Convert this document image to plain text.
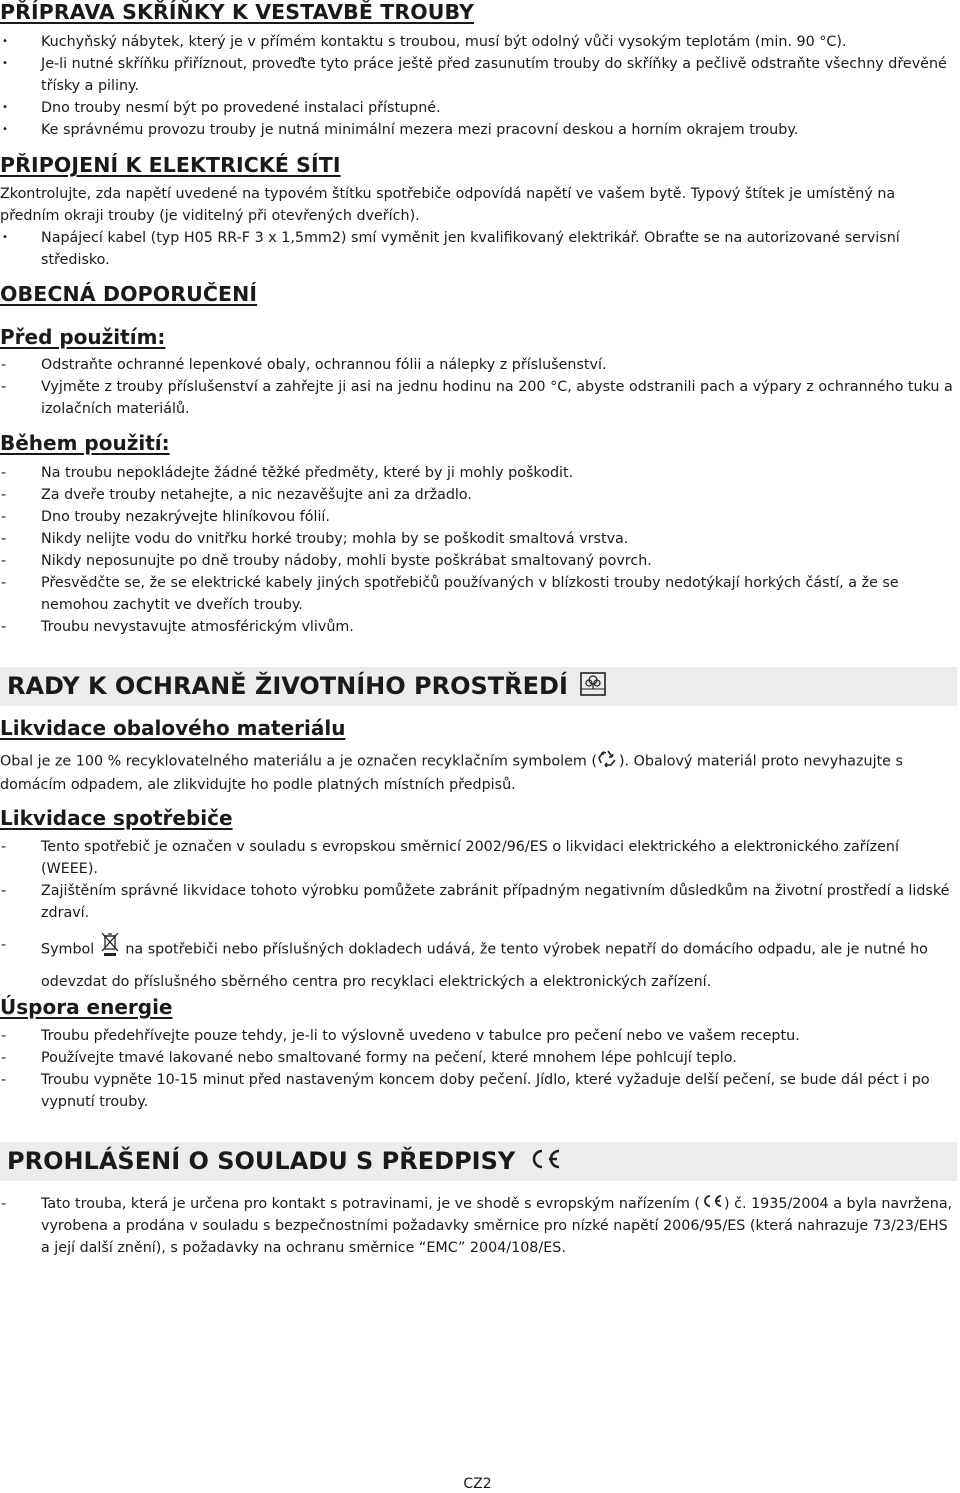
PŘÍPRAVA SKŘÍŇKY K VESTAVBĚ TROUBY
•	Kuchyňský nábytek, který je v přímém kontaktu s troubou, musí být odolný vůči vysokým teplotám (min. 90 °C).
•	Je-li nutné skříňku přiříznout, proveďte tyto práce ještě před zasunutím trouby do skříňky a pečlivě odstraňte všechny dřevěné třísky a piliny.
•	Dno trouby nesmí být po provedené instalaci přístupné.
•	Ke správnému provozu trouby je nutná minimální mezera mezi pracovní deskou a horním okrajem trouby.
PŘIPOJENÍ K ELEKTRICKÉ SÍTI
Zkontrolujte, zda napětí uvedené na typovém štítku spotřebiče odpovídá napětí ve vašem bytě. Typový štítek je umístěný na předním okraji trouby (je viditelný při otevřených dveřích).
•	Napájecí kabel (typ H05 RR-F 3 x 1,5mm2) smí vyměnit jen kvalifikovaný elektrikář. Obraťte se na autorizované servisní středisko.
OBECNÁ DOPORUČENÍ
Před použitím:
-	Odstraňte ochranné lepenkové obaly, ochrannou fólii a nálepky z příslušenství.
-	Vyjměte z trouby příslušenství a zahřejte ji asi na jednu hodinu na 200 °C, abyste odstranili pach a výpary z ochranného tuku a izolačních materiálů.
Během použití:
-	Na troubu nepokládejte žádné těžké předměty, které by ji mohly poškodit.
-	Za dveře trouby netahejte, a nic nezavěšujte ani za držadlo.
-	Dno trouby nezakrývejte hliníkovou fólií.
-	Nikdy nelijte vodu do vnitřku horké trouby; mohla by se poškodit smaltová vrstva.
-	Nikdy neposunujte po dně trouby nádoby, mohli byste poškrábat smaltovaný povrch.
-	Přesvědčte se, že se elektrické kabely jiných spotřebičů používaných v blízkosti trouby nedotýkají horkých částí, a že se nemohou zachytit ve dveřích trouby.
-	Troubu nevystavujte atmosférickým vlivům.
RADY K OCHRANĚ ŽIVOTNÍHO PROSTŘEDÍ
Likvidace obalového materiálu
Obal je ze 100 % recyklovatelného materiálu a je označen recyklačním symbolem ( ). Obalový materiál proto nevyhazujte s domácím odpadem, ale zlikvidujte ho podle platných místních předpisů.
Likvidace spotřebiče
-	Tento spotřebič je označen v souladu s evropskou směrnicí 2002/96/ES o likvidaci elektrického a elektronického zařízení (WEEE).
-	Zajištěním správné likvidace tohoto výrobku pomůžete zabránit případným negativním důsledkům na životní prostředí a lidské zdraví.
-	Symbol na spotřebiči nebo příslušných dokladech udává, že tento výrobek nepatří do domácího odpadu, ale je nutné ho odevzdat do příslušného sběrného centra pro recyklaci elektrických a elektronických zařízení.
Úspora energie
-	Troubu předehřívejte pouze tehdy, je-li to výslovně uvedeno v tabulce pro pečení nebo ve vašem receptu.
-	Používejte tmavé lakované nebo smaltované formy na pečení, které mnohem lépe pohlcují teplo.
-	Troubu vypněte 10-15 minut před nastaveným koncem doby pečení. Jídlo, které vyžaduje delší pečení, se bude dál péct i po vypnutí trouby.
PROHLÁŠENÍ O SOULADU S PŘEDPISY
-	Tato trouba, která je určena pro kontakt s potravinami, je ve shodě s evropským nařízením ( ) č. 1935/2004 a byla navržena, vyrobena a prodána v souladu s bezpečnostními požadavky směrnice pro nízké napětí 2006/95/ES (která nahrazuje 73/23/EHS a její další znění), s požadavky na ochranu směrnice “EMC” 2004/108/ES.
CZ2
